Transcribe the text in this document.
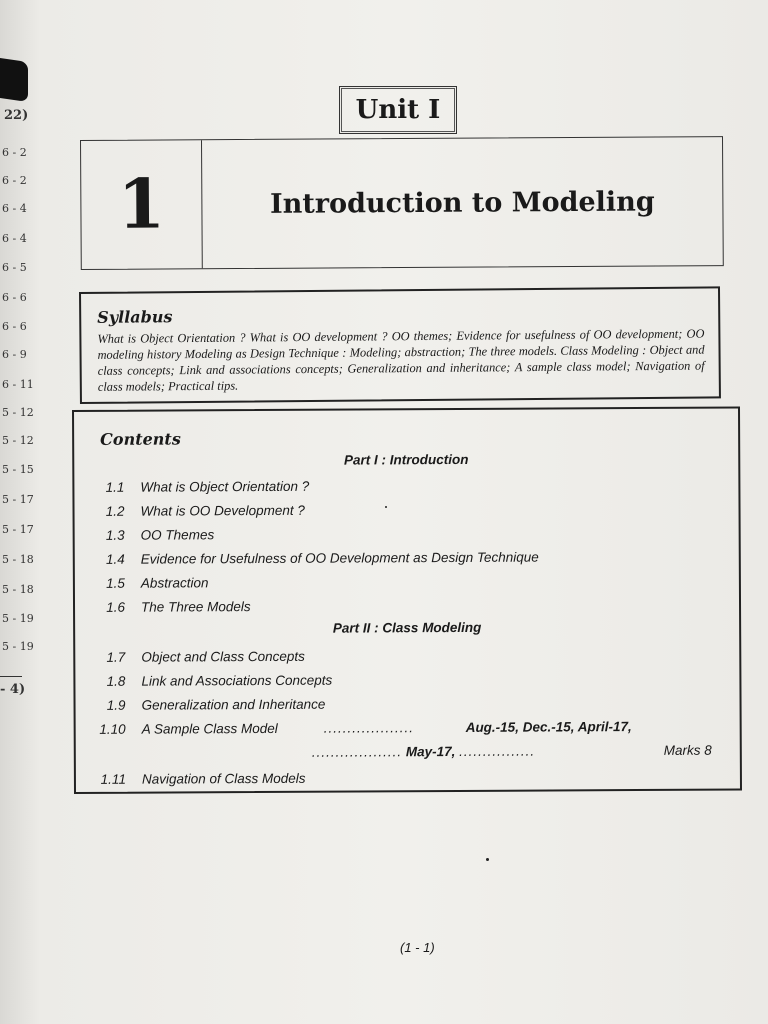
22)
6 - 2
6 - 2
6 - 4
6 - 4
6 - 5
6 - 6
6 - 6
6 - 9
6 - 11
5 - 12
5 - 12
5 - 15
5 - 17
5 - 17
5 - 18
5 - 18
5 - 19
5 - 19
- 4)
Unit I
1	Introduction to Modeling
Syllabus
What is Object Orientation ? What is OO development ? OO themes; Evidence for usefulness of OO development; OO modeling history Modeling as Design Technique : Modeling; abstraction; The three models. Class Modeling : Object and class concepts; Link and associations concepts; Generalization and inheritance; A sample class model; Navigation of class models; Practical tips.
Contents
Part I : Introduction
1.1 What is Object Orientation ?
1.2 What is OO Development ?
1.3 OO Themes
1.4 Evidence for Usefulness of OO Development as Design Technique
1.5 Abstraction
1.6 The Three Models
Part II : Class Modeling
1.7 Object and Class Concepts
1.8 Link and Associations Concepts
1.9 Generalization and Inheritance
1.10 A Sample Class Model	...................	Aug.-15, Dec.-15, April-17,
................... May-17, ................	Marks 8
1.11 Navigation of Class Models
(1 - 1)
